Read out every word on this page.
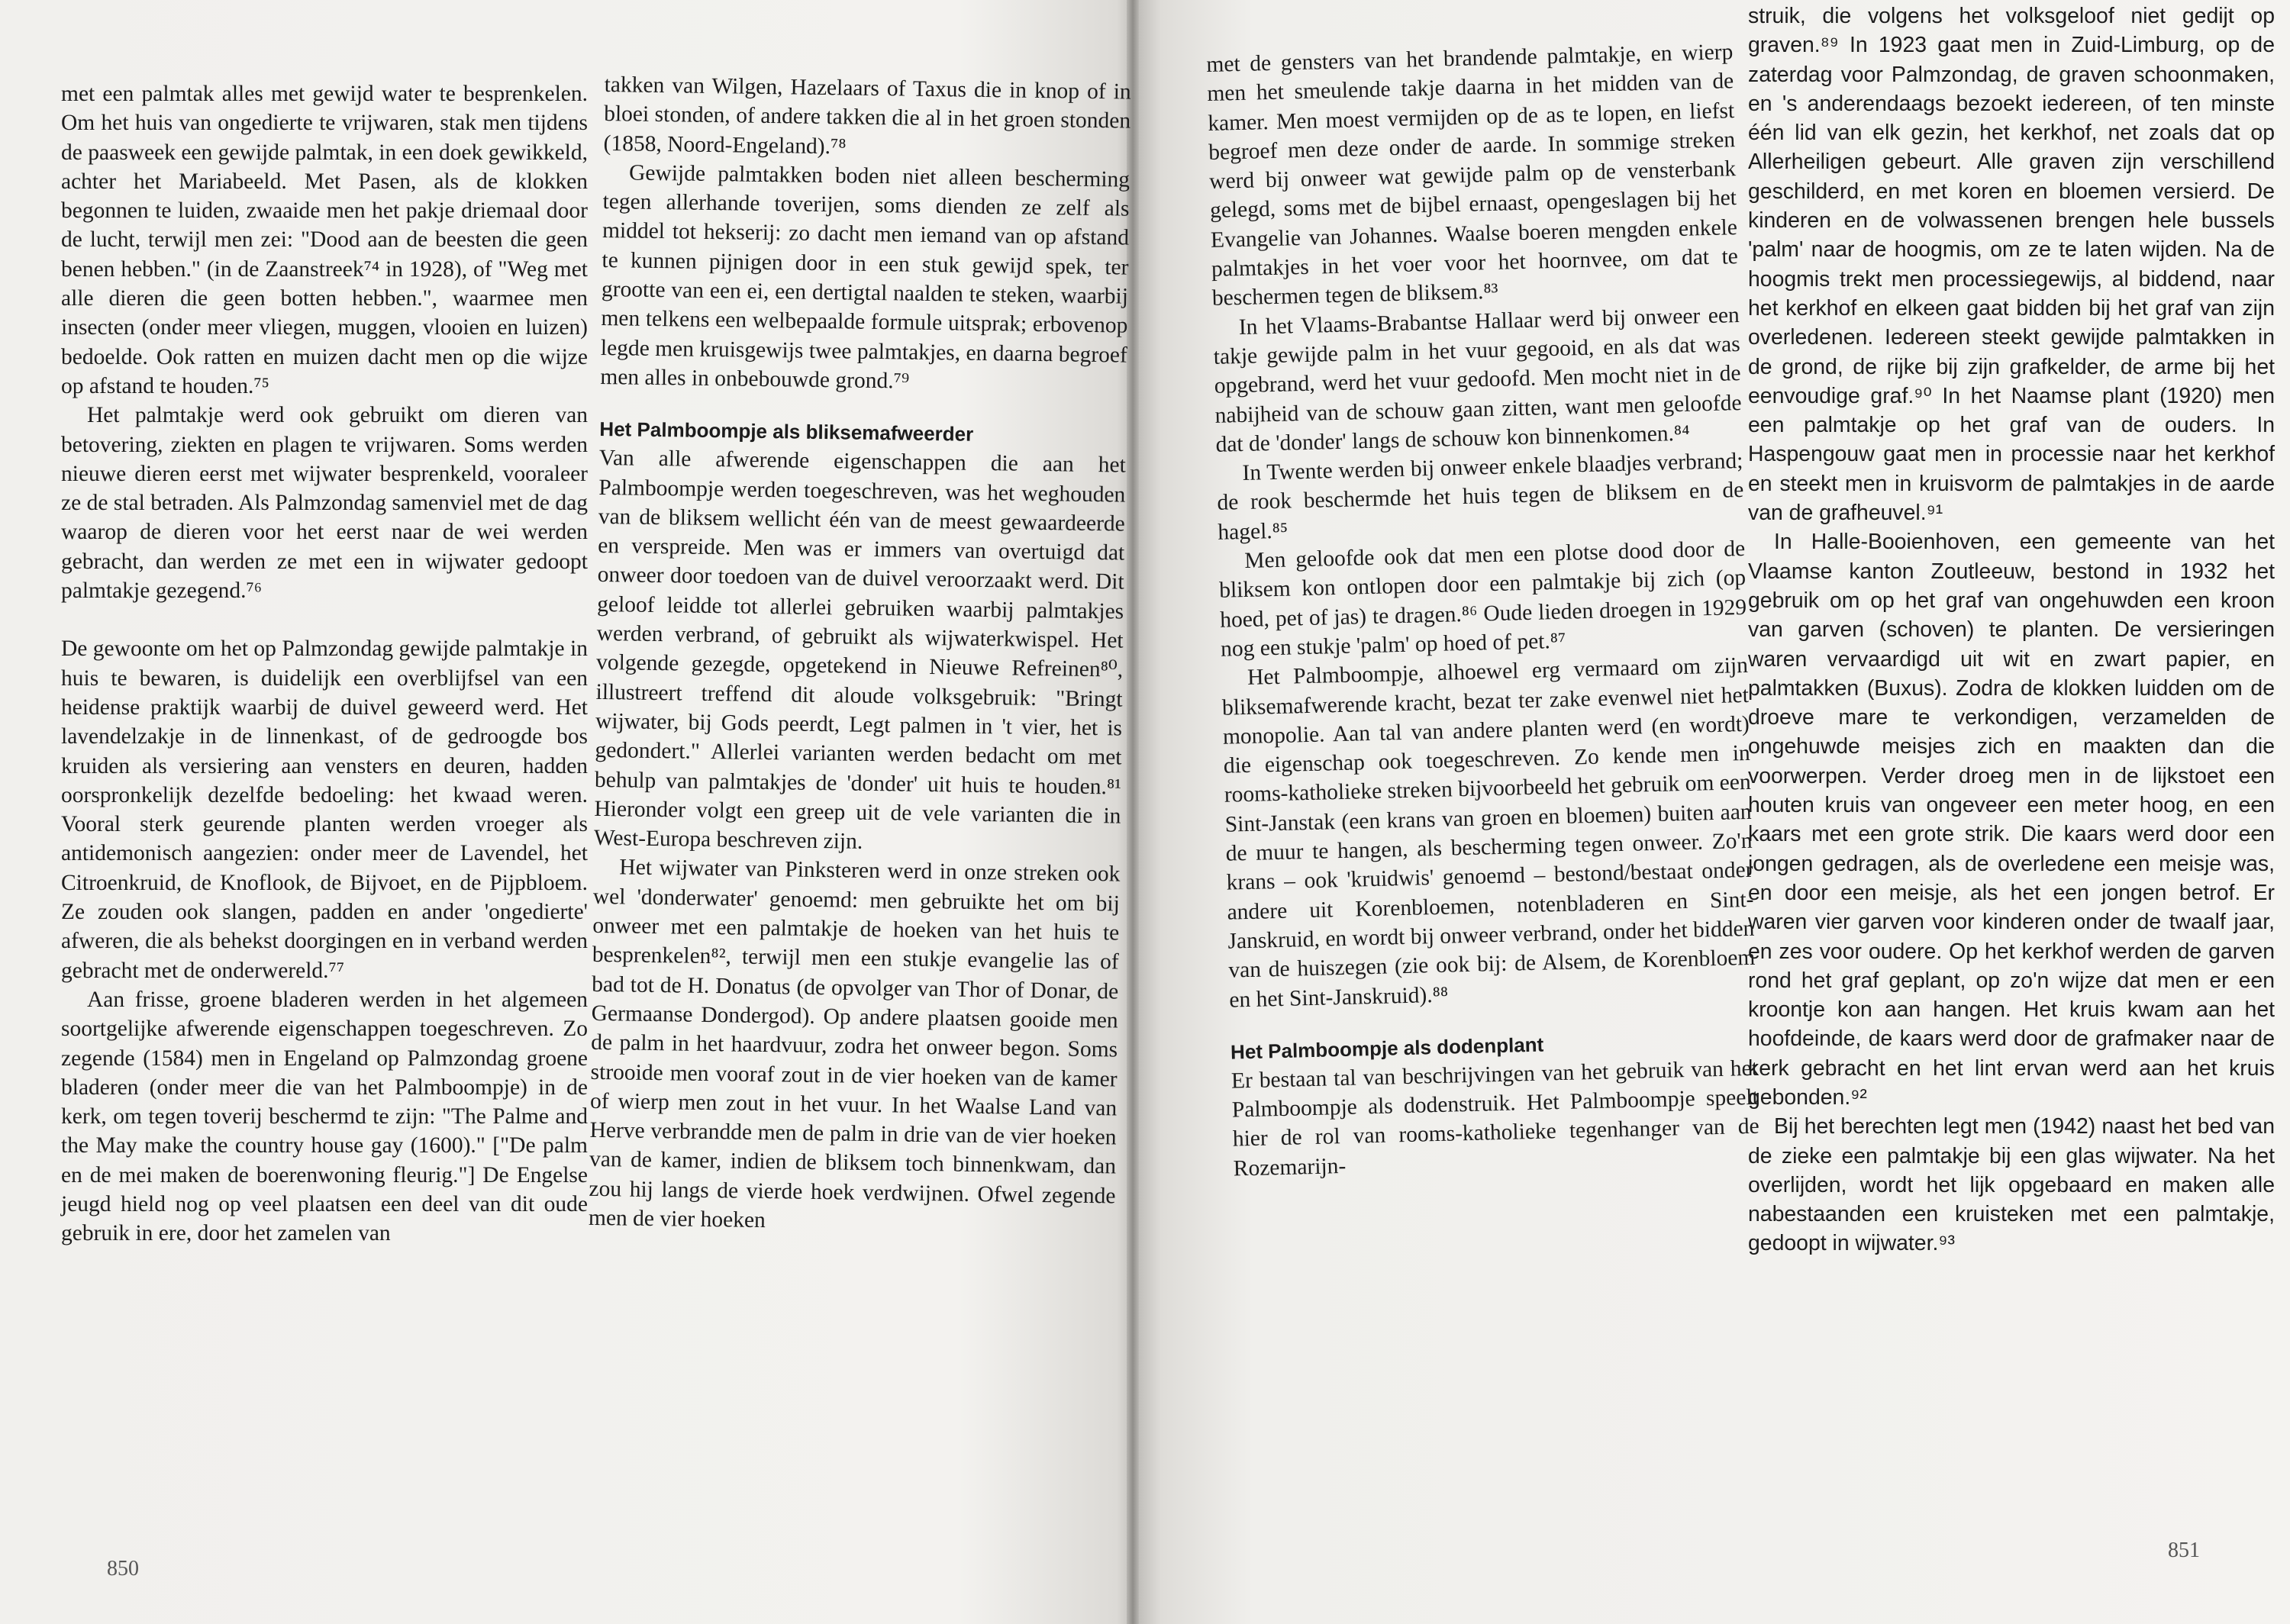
met een palmtak alles met gewijd water te besprenkelen. Om het huis van ongedierte te vrijwaren, stak men tijdens de paasweek een gewijde palmtak, in een doek gewikkeld, achter het Mariabeeld. Met Pasen, als de klokken begonnen te luiden, zwaaide men het pakje driemaal door de lucht, terwijl men zei: "Dood aan de beesten die geen benen hebben." (in de Zaanstreek⁷⁴ in 1928), of "Weg met alle dieren die geen botten hebben.", waarmee men insecten (onder meer vliegen, muggen, vlooien en luizen) bedoelde. Ook ratten en muizen dacht men op die wijze op afstand te houden.⁷⁵

Het palmtakje werd ook gebruikt om dieren van betovering, ziekten en plagen te vrijwaren. Soms werden nieuwe dieren eerst met wijwater besprenkeld, vooraleer ze de stal betraden. Als Palmzondag samenviel met de dag waarop de dieren voor het eerst naar de wei werden gebracht, dan werden ze met een in wijwater gedoopt palmtakje gezegend.⁷⁶

De gewoonte om het op Palmzondag gewijde palmtakje in huis te bewaren, is duidelijk een overblijfsel van een heidense praktijk waarbij de duivel geweerd werd. Het lavendelzakje in de linnenkast, of de gedroogde bos kruiden als versiering aan vensters en deuren, hadden oorspronkelijk dezelfde bedoeling: het kwaad weren. Vooral sterk geurende planten werden vroeger als antidemonisch aangezien: onder meer de Lavendel, het Citroenkruid, de Knoflook, de Bijvoet, en de Pijpbloem. Ze zouden ook slangen, padden en ander 'ongedierte' afweren, die als behekst doorgingen en in verband werden gebracht met de onderwereld.⁷⁷

Aan frisse, groene bladeren werden in het algemeen soortgelijke afwerende eigenschappen toegeschreven. Zo zegende (1584) men in Engeland op Palmzondag groene bladeren (onder meer die van het Palmboompje) in de kerk, om tegen toverij beschermd te zijn: "The Palme and the May make the country house gay (1600)." ["De palm en de mei maken de boerenwoning fleurig."] De Engelse jeugd hield nog op veel plaatsen een deel van dit oude gebruik in ere, door het zamelen van

takken van Wilgen, Hazelaars of Taxus die in knop of in bloei stonden, of andere takken die al in het groen stonden (1858, Noord-Engeland).⁷⁸

Gewijde palmtakken boden niet alleen bescherming tegen allerhande toverijen, soms dienden ze zelf als middel tot hekserij: zo dacht men iemand van op afstand te kunnen pijnigen door in een stuk gewijd spek, ter grootte van een ei, een dertigtal naalden te steken, waarbij men telkens een welbepaalde formule uitsprak; erbovenop legde men kruisgewijs twee palmtakjes, en daarna begroef men alles in onbebouwde grond.⁷⁹

Het Palmboompje als bliksemafweerder

Van alle afwerende eigenschappen die aan het Palmboompje werden toegeschreven, was het weghouden van de bliksem wellicht één van de meest gewaardeerde en verspreide. Men was er immers van overtuigd dat onweer door toedoen van de duivel veroorzaakt werd. Dit geloof leidde tot allerlei gebruiken waarbij palmtakjes werden verbrand, of gebruikt als wijwaterkwispel. Het volgende gezegde, opgetekend in Nieuwe Refreinen⁸⁰, illustreert treffend dit aloude volksgebruik: "Bringt wijwater, bij Gods peerdt, Legt palmen in 't vier, het is gedondert." Allerlei varianten werden bedacht om met behulp van palmtakjes de 'donder' uit huis te houden.⁸¹ Hieronder volgt een greep uit de vele varianten die in West-Europa beschreven zijn.

Het wijwater van Pinksteren werd in onze streken ook wel 'donderwater' genoemd: men gebruikte het om bij onweer met een palmtakje de hoeken van het huis te besprenkelen⁸², terwijl men een stukje evangelie las of bad tot de H. Donatus (de opvolger van Thor of Donar, de Germaanse Dondergod). Op andere plaatsen gooide men de palm in het haardvuur, zodra het onweer begon. Soms strooide men vooraf zout in de vier hoeken van de kamer of wierp men zout in het vuur. In het Waalse Land van Herve verbrandde men de palm in drie van de vier hoeken van de kamer, indien de bliksem toch binnenkwam, dan zou hij langs de vierde hoek verdwijnen. Ofwel zegende men de vier hoeken

850

met de gensters van het brandende palmtakje, en wierp men het smeulende takje daarna in het midden van de kamer. Men moest vermijden op de as te lopen, en liefst begroef men deze onder de aarde. In sommige streken werd bij onweer wat gewijde palm op de vensterbank gelegd, soms met de bijbel ernaast, opengeslagen bij het Evangelie van Johannes. Waalse boeren mengden enkele palmtakjes in het voer voor het hoornvee, om dat te beschermen tegen de bliksem.⁸³

In het Vlaams-Brabantse Hallaar werd bij onweer een takje gewijde palm in het vuur gegooid, en als dat was opgebrand, werd het vuur gedoofd. Men mocht niet in de nabijheid van de schouw gaan zitten, want men geloofde dat de 'donder' langs de schouw kon binnenkomen.⁸⁴

In Twente werden bij onweer enkele blaadjes verbrand; de rook beschermde het huis tegen de bliksem en de hagel.⁸⁵

Men geloofde ook dat men een plotse dood door de bliksem kon ontlopen door een palmtakje bij zich (op hoed, pet of jas) te dragen.⁸⁶ Oude lieden droegen in 1929 nog een stukje 'palm' op hoed of pet.⁸⁷

Het Palmboompje, alhoewel erg vermaard om zijn bliksemafwerende kracht, bezat ter zake evenwel niet het monopolie. Aan tal van andere planten werd (en wordt) die eigenschap ook toegeschreven. Zo kende men in rooms-katholieke streken bijvoorbeeld het gebruik om een Sint-Janstak (een krans van groen en bloemen) buiten aan de muur te hangen, als bescherming tegen onweer. Zo'n krans – ook 'kruidwis' genoemd – bestond/bestaat onder andere uit Korenbloemen, notenbladeren en Sint-Janskruid, en wordt bij onweer verbrand, onder het bidden van de huiszegen (zie ook bij: de Alsem, de Korenbloem en het Sint-Janskruid).⁸⁸

Het Palmboompje als dodenplant

Er bestaan tal van beschrijvingen van het gebruik van het Palmboompje als dodenstruik. Het Palmboompje speelt hier de rol van rooms-katholieke tegenhanger van de Rozemarijn-

struik, die volgens het volksgeloof niet gedijt op graven.⁸⁹ In 1923 gaat men in Zuid-Limburg, op de zaterdag voor Palmzondag, de graven schoonmaken, en 's anderendaags bezoekt iedereen, of ten minste één lid van elk gezin, het kerkhof, net zoals dat op Allerheiligen gebeurt. Alle graven zijn verschillend geschilderd, en met koren en bloemen versierd. De kinderen en de volwassenen brengen hele bussels 'palm' naar de hoogmis, om ze te laten wijden. Na de hoogmis trekt men processiegewijs, al biddend, naar het kerkhof en elkeen gaat bidden bij het graf van zijn overledenen. Iedereen steekt gewijde palmtakken in de grond, de rijke bij zijn grafkelder, de arme bij het eenvoudige graf.⁹⁰ In het Naamse plant (1920) men een palmtakje op het graf van de ouders. In Haspengouw gaat men in processie naar het kerkhof en steekt men in kruisvorm de palmtakjes in de aarde van de grafheuvel.⁹¹

In Halle-Booienhoven, een gemeente van het Vlaamse kanton Zoutleeuw, bestond in 1932 het gebruik om op het graf van ongehuwden een kroon van garven (schoven) te planten. De versieringen waren vervaardigd uit wit en zwart papier, en palmtakken (Buxus). Zodra de klokken luidden om de droeve mare te verkondigen, verzamelden de ongehuwde meisjes zich en maakten dan die voorwerpen. Verder droeg men in de lijkstoet een houten kruis van ongeveer een meter hoog, en een kaars met een grote strik. Die kaars werd door een jongen gedragen, als de overledene een meisje was, en door een meisje, als het een jongen betrof. Er waren vier garven voor kinderen onder de twaalf jaar, en zes voor oudere. Op het kerkhof werden de garven rond het graf geplant, op zo'n wijze dat men er een kroontje kon aan hangen. Het kruis kwam aan het hoofdeinde, de kaars werd door de grafmaker naar de kerk gebracht en het lint ervan werd aan het kruis gebonden.⁹²

Bij het berechten legt men (1942) naast het bed van de zieke een palmtakje bij een glas wijwater. Na het overlijden, wordt het lijk opgebaard en maken alle nabestaanden een kruisteken met een palmtakje, gedoopt in wijwater.⁹³

851
